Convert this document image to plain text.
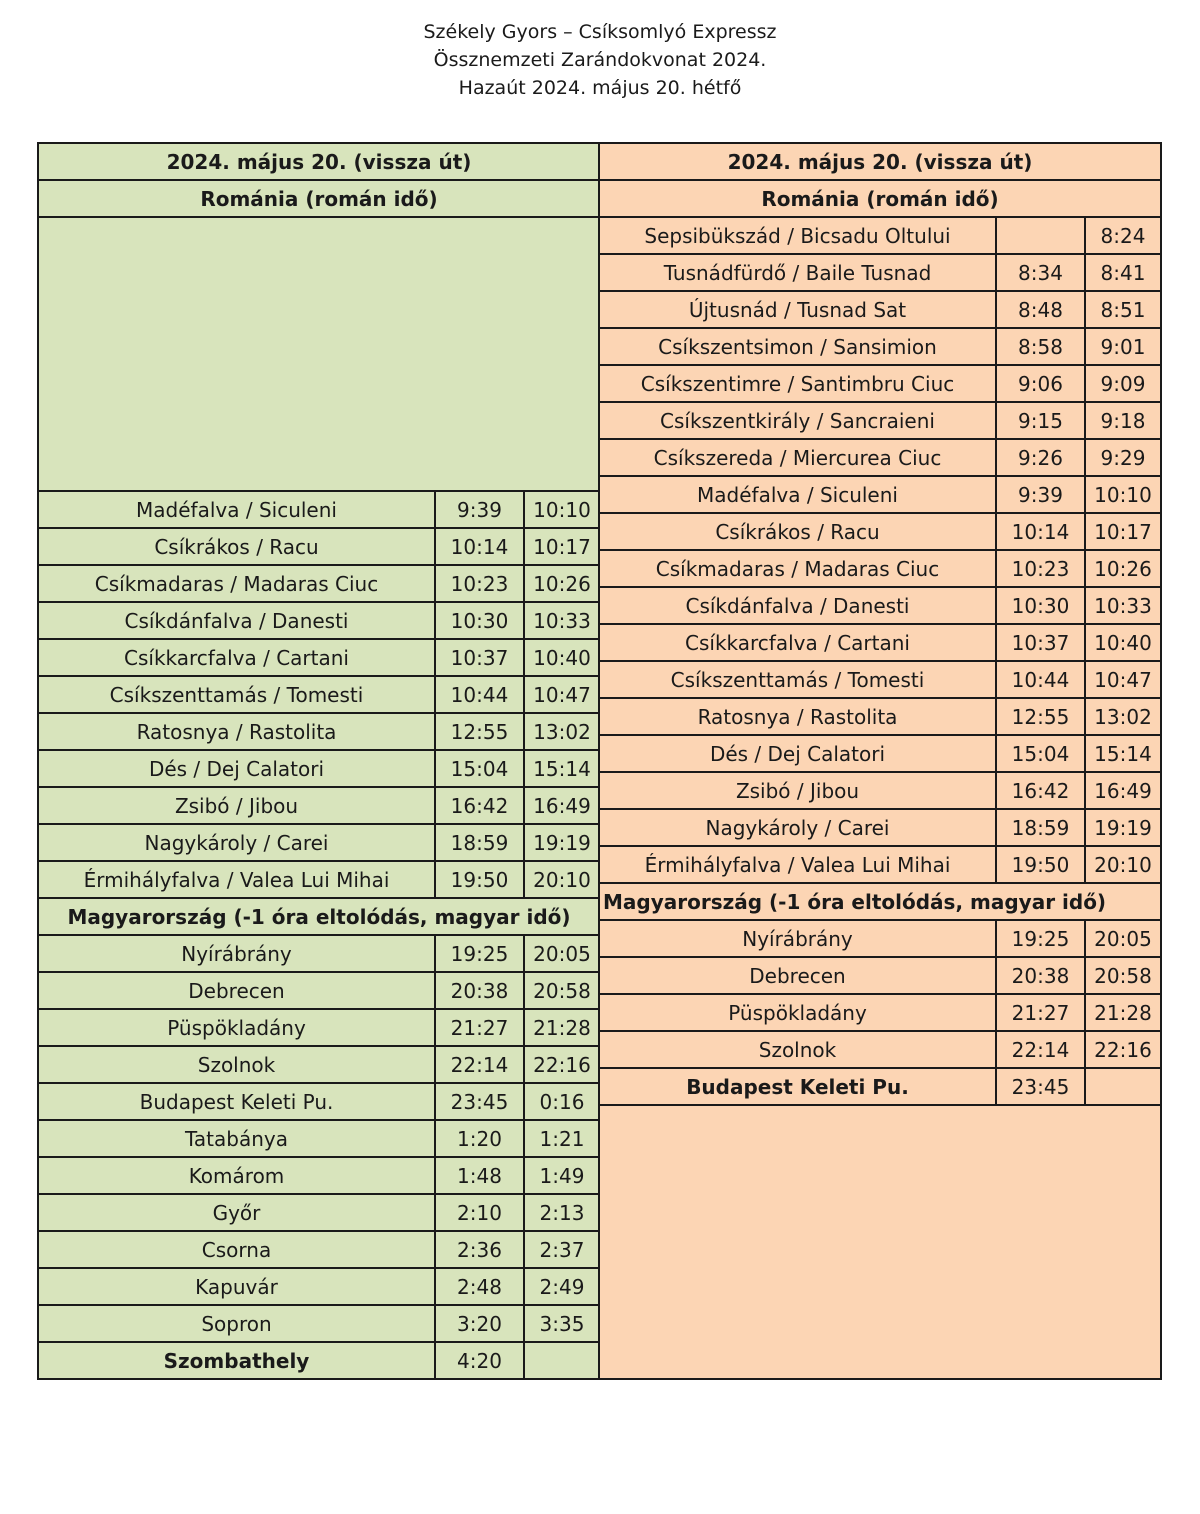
Székely Gyors – Csíksomlyó Expressz
Össznemzeti Zarándokvonat 2024.
Hazaút 2024. május 20. hétfő
2024. május 20. (vissza út)		
Románia (román idő)		

Madéfalva / Siculeni	9:39	10:10
Csíkrákos / Racu	10:14	10:17
Csíkmadaras / Madaras Ciuc	10:23	10:26
Csíkdánfalva / Danesti	10:30	10:33
Csíkkarcfalva / Cartani	10:37	10:40
Csíkszenttamás / Tomesti	10:44	10:47
Ratosnya / Rastolita	12:55	13:02
Dés / Dej Calatori	15:04	15:14
Zsibó / Jibou	16:42	16:49
Nagykároly / Carei	18:59	19:19
Érmihályfalva / Valea Lui Mihai	19:50	20:10
Magyarország (-1 óra eltolódás, magyar idő)		
Nyírábrány	19:25	20:05
Debrecen	20:38	20:58
Püspökladány	21:27	21:28
Szolnok	22:14	22:16
Budapest Keleti Pu.	23:45	0:16
Tatabánya	1:20	1:21
Komárom	1:48	1:49
Győr	2:10	2:13
Csorna	2:36	2:37
Kapuvár	2:48	2:49
Sopron	3:20	3:35
Szombathely	4:20	
2024. május 20. (vissza út)		
Románia (román idő)		
Sepsibükszád / Bicsadu Oltului		8:24
Tusnádfürdő / Baile Tusnad	8:34	8:41
Újtusnád / Tusnad Sat	8:48	8:51
Csíkszentsimon / Sansimion	8:58	9:01
Csíkszentimre / Santimbru Ciuc	9:06	9:09
Csíkszentkirály / Sancraieni	9:15	9:18
Csíkszereda / Miercurea Ciuc	9:26	9:29
Madéfalva / Siculeni	9:39	10:10
Csíkrákos / Racu	10:14	10:17
Csíkmadaras / Madaras Ciuc	10:23	10:26
Csíkdánfalva / Danesti	10:30	10:33
Csíkkarcfalva / Cartani	10:37	10:40
Csíkszenttamás / Tomesti	10:44	10:47
Ratosnya / Rastolita	12:55	13:02
Dés / Dej Calatori	15:04	15:14
Zsibó / Jibou	16:42	16:49
Nagykároly / Carei	18:59	19:19
Érmihályfalva / Valea Lui Mihai	19:50	20:10
Magyarország (-1 óra eltolódás, magyar idő)		
Nyírábrány	19:25	20:05
Debrecen	20:38	20:58
Püspökladány	21:27	21:28
Szolnok	22:14	22:16
Budapest Keleti Pu.	23:45	
